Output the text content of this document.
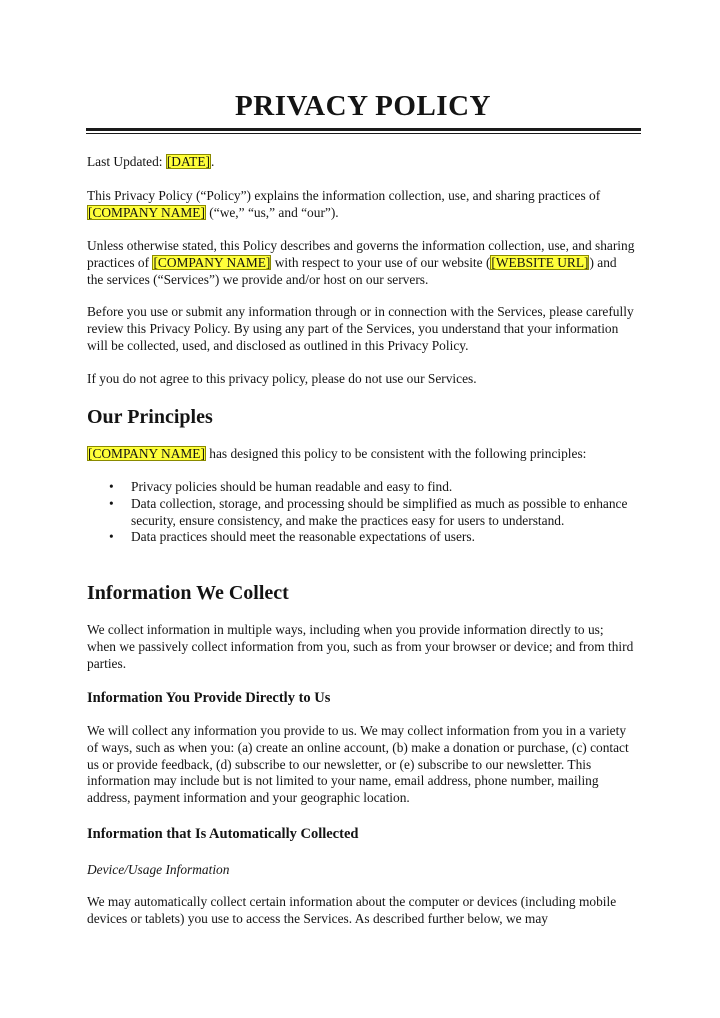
PRIVACY POLICY

Last Updated: [DATE].

This Privacy Policy (“Policy”) explains the information collection, use, and sharing practices of [COMPANY NAME] (“we,” “us,” and “our”).

Unless otherwise stated, this Policy describes and governs the information collection, use, and sharing practices of [COMPANY NAME] with respect to your use of our website ([WEBSITE URL]) and the services (“Services”) we provide and/or host on our servers.

Before you use or submit any information through or in connection with the Services, please carefully review this Privacy Policy. By using any part of the Services, you understand that your information will be collected, used, and disclosed as outlined in this Privacy Policy.

If you do not agree to this privacy policy, please do not use our Services.

Our Principles

[COMPANY NAME] has designed this policy to be consistent with the following principles:

• Privacy policies should be human readable and easy to find.
• Data collection, storage, and processing should be simplified as much as possible to enhance security, ensure consistency, and make the practices easy for users to understand.
• Data practices should meet the reasonable expectations of users.
Information We Collect

We collect information in multiple ways, including when you provide information directly to us; when we passively collect information from you, such as from your browser or device; and from third parties.

Information You Provide Directly to Us

We will collect any information you provide to us. We may collect information from you in a variety of ways, such as when you: (a) create an online account, (b) make a donation or purchase, (c) contact us or provide feedback, (d) subscribe to our newsletter, or (e) subscribe to our newsletter. This information may include but is not limited to your name, email address, phone number, mailing address, payment information and your geographic location.

Information that Is Automatically Collected

Device/Usage Information

We may automatically collect certain information about the computer or devices (including mobile devices or tablets) you use to access the Services. As described further below, we may
